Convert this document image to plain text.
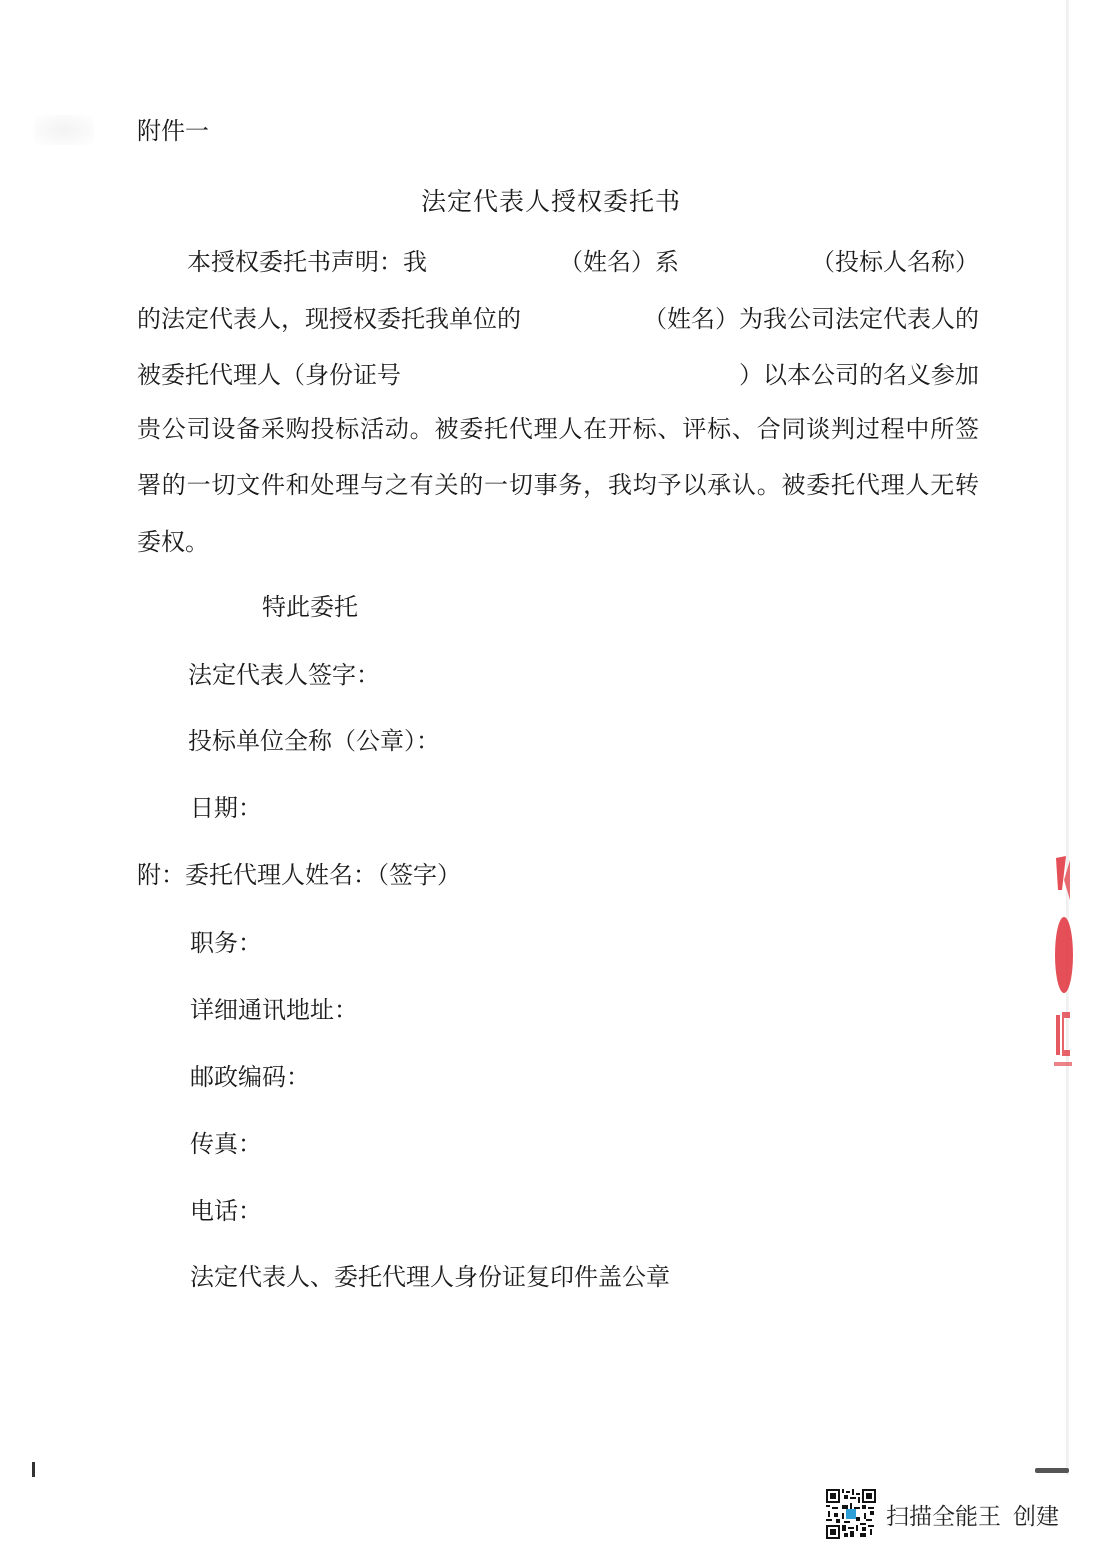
附件一
法定代表人授权委托书
本授权委托书声明：我	（姓名）系	（投标人名称）
的法定代表人，现授权委托我单位的	（姓名）为我公司法定代表人的
被委托代理人（身份证号	）以本公司的名义参加
贵公司设备采购投标活动。被委托代理人在开标、评标、合同谈判过程中所签
署的一切文件和处理与之有关的一切事务，我均予以承认。被委托代理人无转
委权。
特此委托
法定代表人签字：
投标单位全称（公章）：
日期：
附：委托代理人姓名：（签字）
职务：
详细通讯地址：
邮政编码：
传真：
电话：
法定代表人、委托代理人身份证复印件盖公章
扫描全能王 创建
